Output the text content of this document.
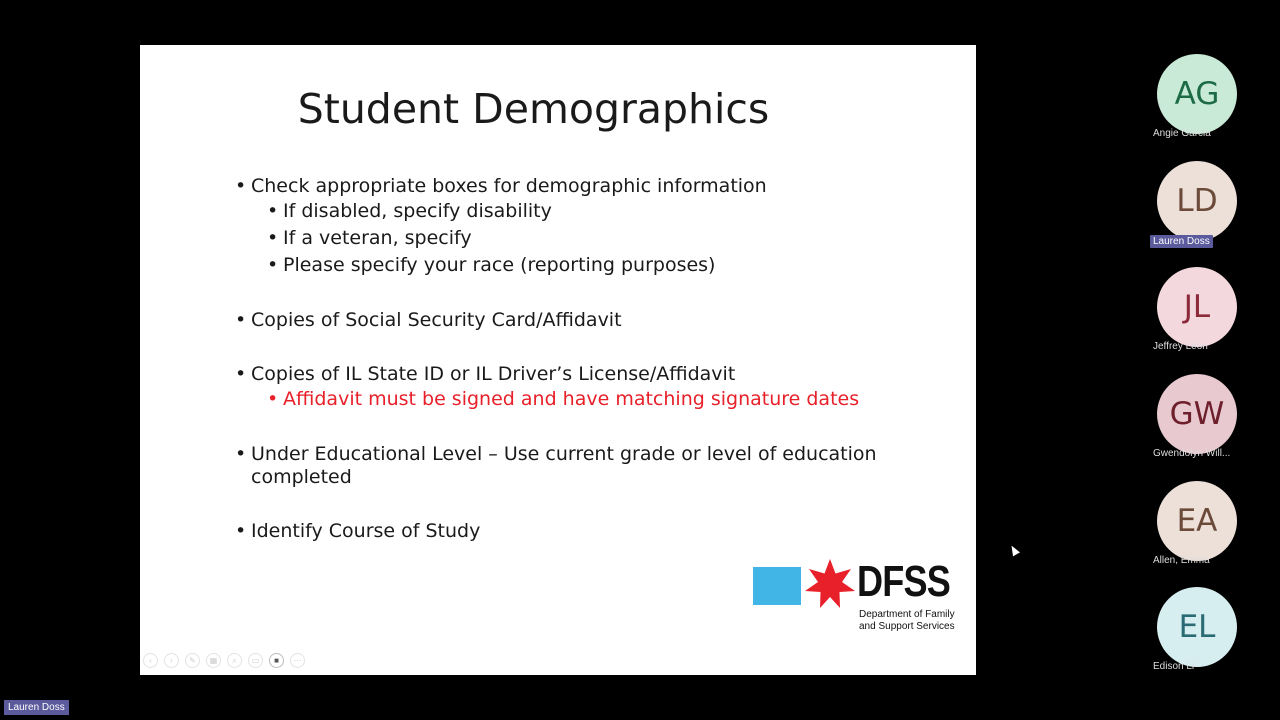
Student Demographics
• Check appropriate boxes for demographic information
• If disabled, specify disability
• If a veteran, specify
• Please specify your race (reporting purposes)
• Copies of Social Security Card/Affidavit
• Copies of IL State ID or IL Driver’s License/Affidavit
• Affidavit must be signed and have matching signature dates
• Under Educational Level – Use current grade or level of education
completed
• Identify Course of Study
DFSS
Department of Family
and Support Services
‹	›	✎	▦	⌕	▭	■	⋯
AG
Angie Garcia
LD
Lauren Doss
JL
Jeffrey Leon
GW
Gwendolyn Will...
EA
Allen, Emma
EL
Edison Li
Lauren Doss
